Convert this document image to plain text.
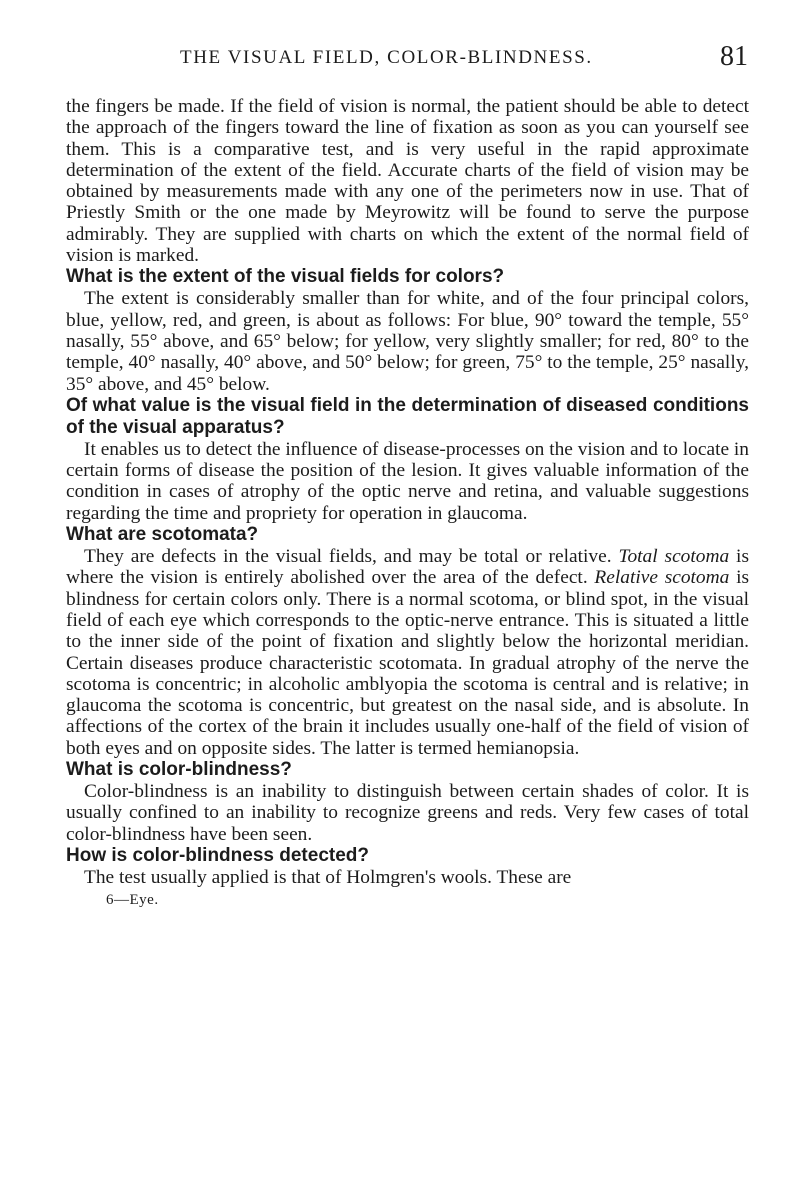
THE VISUAL FIELD, COLOR-BLINDNESS.	81

the fingers be made. If the field of vision is normal, the patient should be able to detect the approach of the fingers toward the line of fixation as soon as you can yourself see them. This is a comparative test, and is very useful in the rapid approximate determination of the extent of the field. Accurate charts of the field of vision may be obtained by measurements made with any one of the perimeters now in use. That of Priestly Smith or the one made by Meyrowitz will be found to serve the purpose admirably. They are supplied with charts on which the extent of the normal field of vision is marked.

What is the extent of the visual fields for colors?

The extent is considerably smaller than for white, and of the four principal colors, blue, yellow, red, and green, is about as follows: For blue, 90° toward the temple, 55° nasally, 55° above, and 65° below; for yellow, very slightly smaller; for red, 80° to the temple, 40° nasally, 40° above, and 50° below; for green, 75° to the temple, 25° nasally, 35° above, and 45° below.

Of what value is the visual field in the determination of diseased conditions of the visual apparatus?

It enables us to detect the influence of disease-processes on the vision and to locate in certain forms of disease the position of the lesion. It gives valuable information of the condition in cases of atrophy of the optic nerve and retina, and valuable suggestions regarding the time and propriety for operation in glaucoma.

What are scotomata?

They are defects in the visual fields, and may be total or relative. Total scotoma is where the vision is entirely abolished over the area of the defect. Relative scotoma is blindness for certain colors only. There is a normal scotoma, or blind spot, in the visual field of each eye which corresponds to the optic-nerve entrance. This is situated a little to the inner side of the point of fixation and slightly below the horizontal meridian. Certain diseases produce characteristic scotomata. In gradual atrophy of the nerve the scotoma is concentric; in alcoholic amblyopia the scotoma is central and is relative; in glaucoma the scotoma is concentric, but greatest on the nasal side, and is absolute. In affections of the cortex of the brain it includes usually one-half of the field of vision of both eyes and on opposite sides. The latter is termed hemianopsia.

What is color-blindness?

Color-blindness is an inability to distinguish between certain shades of color. It is usually confined to an inability to recognize greens and reds. Very few cases of total color-blindness have been seen.

How is color-blindness detected?

The test usually applied is that of Holmgren's wools. These are

6—Eye.
